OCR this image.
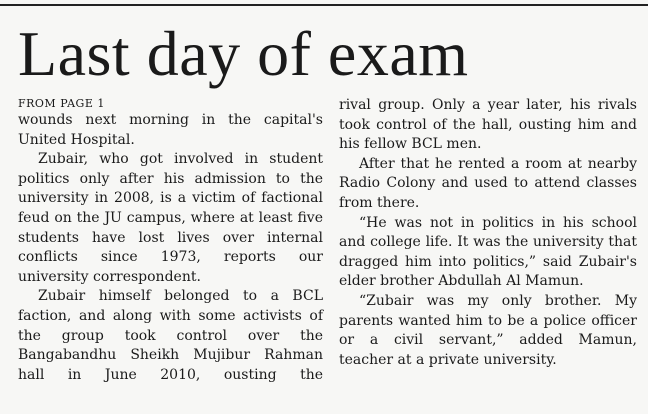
Last day of exam
FROM PAGE 1

wounds next morning in the capital's United Hospital.

Zubair, who got involved in student politics only after his admission to the university in 2008, is a victim of factional feud on the JU campus, where at least five students have lost lives over internal conflicts since 1973, reports our university correspondent.

Zubair himself belonged to a BCL faction, and along with some activists of the group took control over the Bangabandhu Sheikh Mujibur Rahman hall in June 2010, ousting the

rival group. Only a year later, his rivals took control of the hall, ousting him and his fellow BCL men.

After that he rented a room at nearby Radio Colony and used to attend classes from there.

“He was not in politics in his school and college life. It was the university that dragged him into politics,” said Zubair's elder brother Abdullah Al Mamun.

“Zubair was my only brother. My parents wanted him to be a police officer or a civil servant,” added Mamun, teacher at a private university.
